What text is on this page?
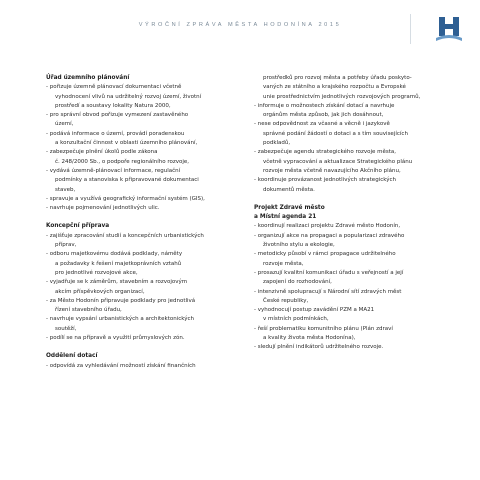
VÝROČNÍ ZPRÁVA MĚSTA HODONÍNA 2015
Úřad územního plánování
- pořizuje územně plánovací dokumentaci včetně
vyhodnocení vlivů na udržitelný rozvoj území, životní
prostředí a soustavy lokality Natura 2000,
- pro správní obvod pořizuje vymezení zastavěného
území,
- podává informace o území, provádí poradenskou
a konzultační činnost v oblasti územního plánování,
- zabezpečuje plnění úkolů podle zákona
č. 248/2000 Sb., o podpoře regionálního rozvoje,
- vydává územně-plánovací informace, regulační
podmínky a stanoviska k připravované dokumentaci
staveb,
- spravuje a využívá geografický informační systém (GIS),
- navrhuje pojmenování jednotlivých ulic.
Koncepční příprava
- zajišťuje zpracování studií a koncepčních urbanistických
příprav,
- odboru majetkovému dodává podklady, náměty
a požadavky k řešení majetkoprávních vztahů
pro jednotlivé rozvojové akce,
- vyjadřuje se k záměrům, stavebním a rozvojovým
akcím příspěvkových organizací,
- za Město Hodonín připravuje podklady pro jednotlivá
řízení stavebního úřadu,
- navrhuje vypsání urbanistických a architektonických
soutěží,
- podílí se na přípravě a využití průmyslových zón.
Oddělení dotací
- odpovídá za vyhledávání možností získání finančních
prostředků pro rozvoj města a potřeby úřadu poskyto-
vaných ze státního a krajského rozpočtu a Evropské
unie prostřednictvím jednotlivých rozvojových programů,
- informuje o možnostech získání dotací a navrhuje
orgánům města způsob, jak jich dosáhnout,
- nese odpovědnost za včasné a věcně i jazykově
správné podání žádostí o dotaci a s tím souvisejících
podkladů,
- zabezpečuje agendu strategického rozvoje města,
včetně vypracování a aktualizace Strategického plánu
rozvoje města včetně navazujícího Akčního plánu,
- koordinuje provázanost jednotlivých strategických
dokumentů města.
Projekt Zdravé město
a Místní agenda 21
- koordinují realizaci projektu Zdravé město Hodonín,
- organizují akce na propagaci a popularizaci zdravého
životního stylu a ekologie,
- metodicky působí v rámci propagace udržitelného
rozvoje města,
- prosazují kvalitní komunikaci úřadu s veřejností a její
zapojení do rozhodování,
- intenzivně spolupracují s Národní sítí zdravých měst
České republiky,
- vyhodnocují postup zavádění PZM a MA21
v místních podmínkách,
- řeší problematiku komunitního plánu (Plán zdraví
a kvality života města Hodonína),
- sledují plnění indikátorů udržitelného rozvoje.
